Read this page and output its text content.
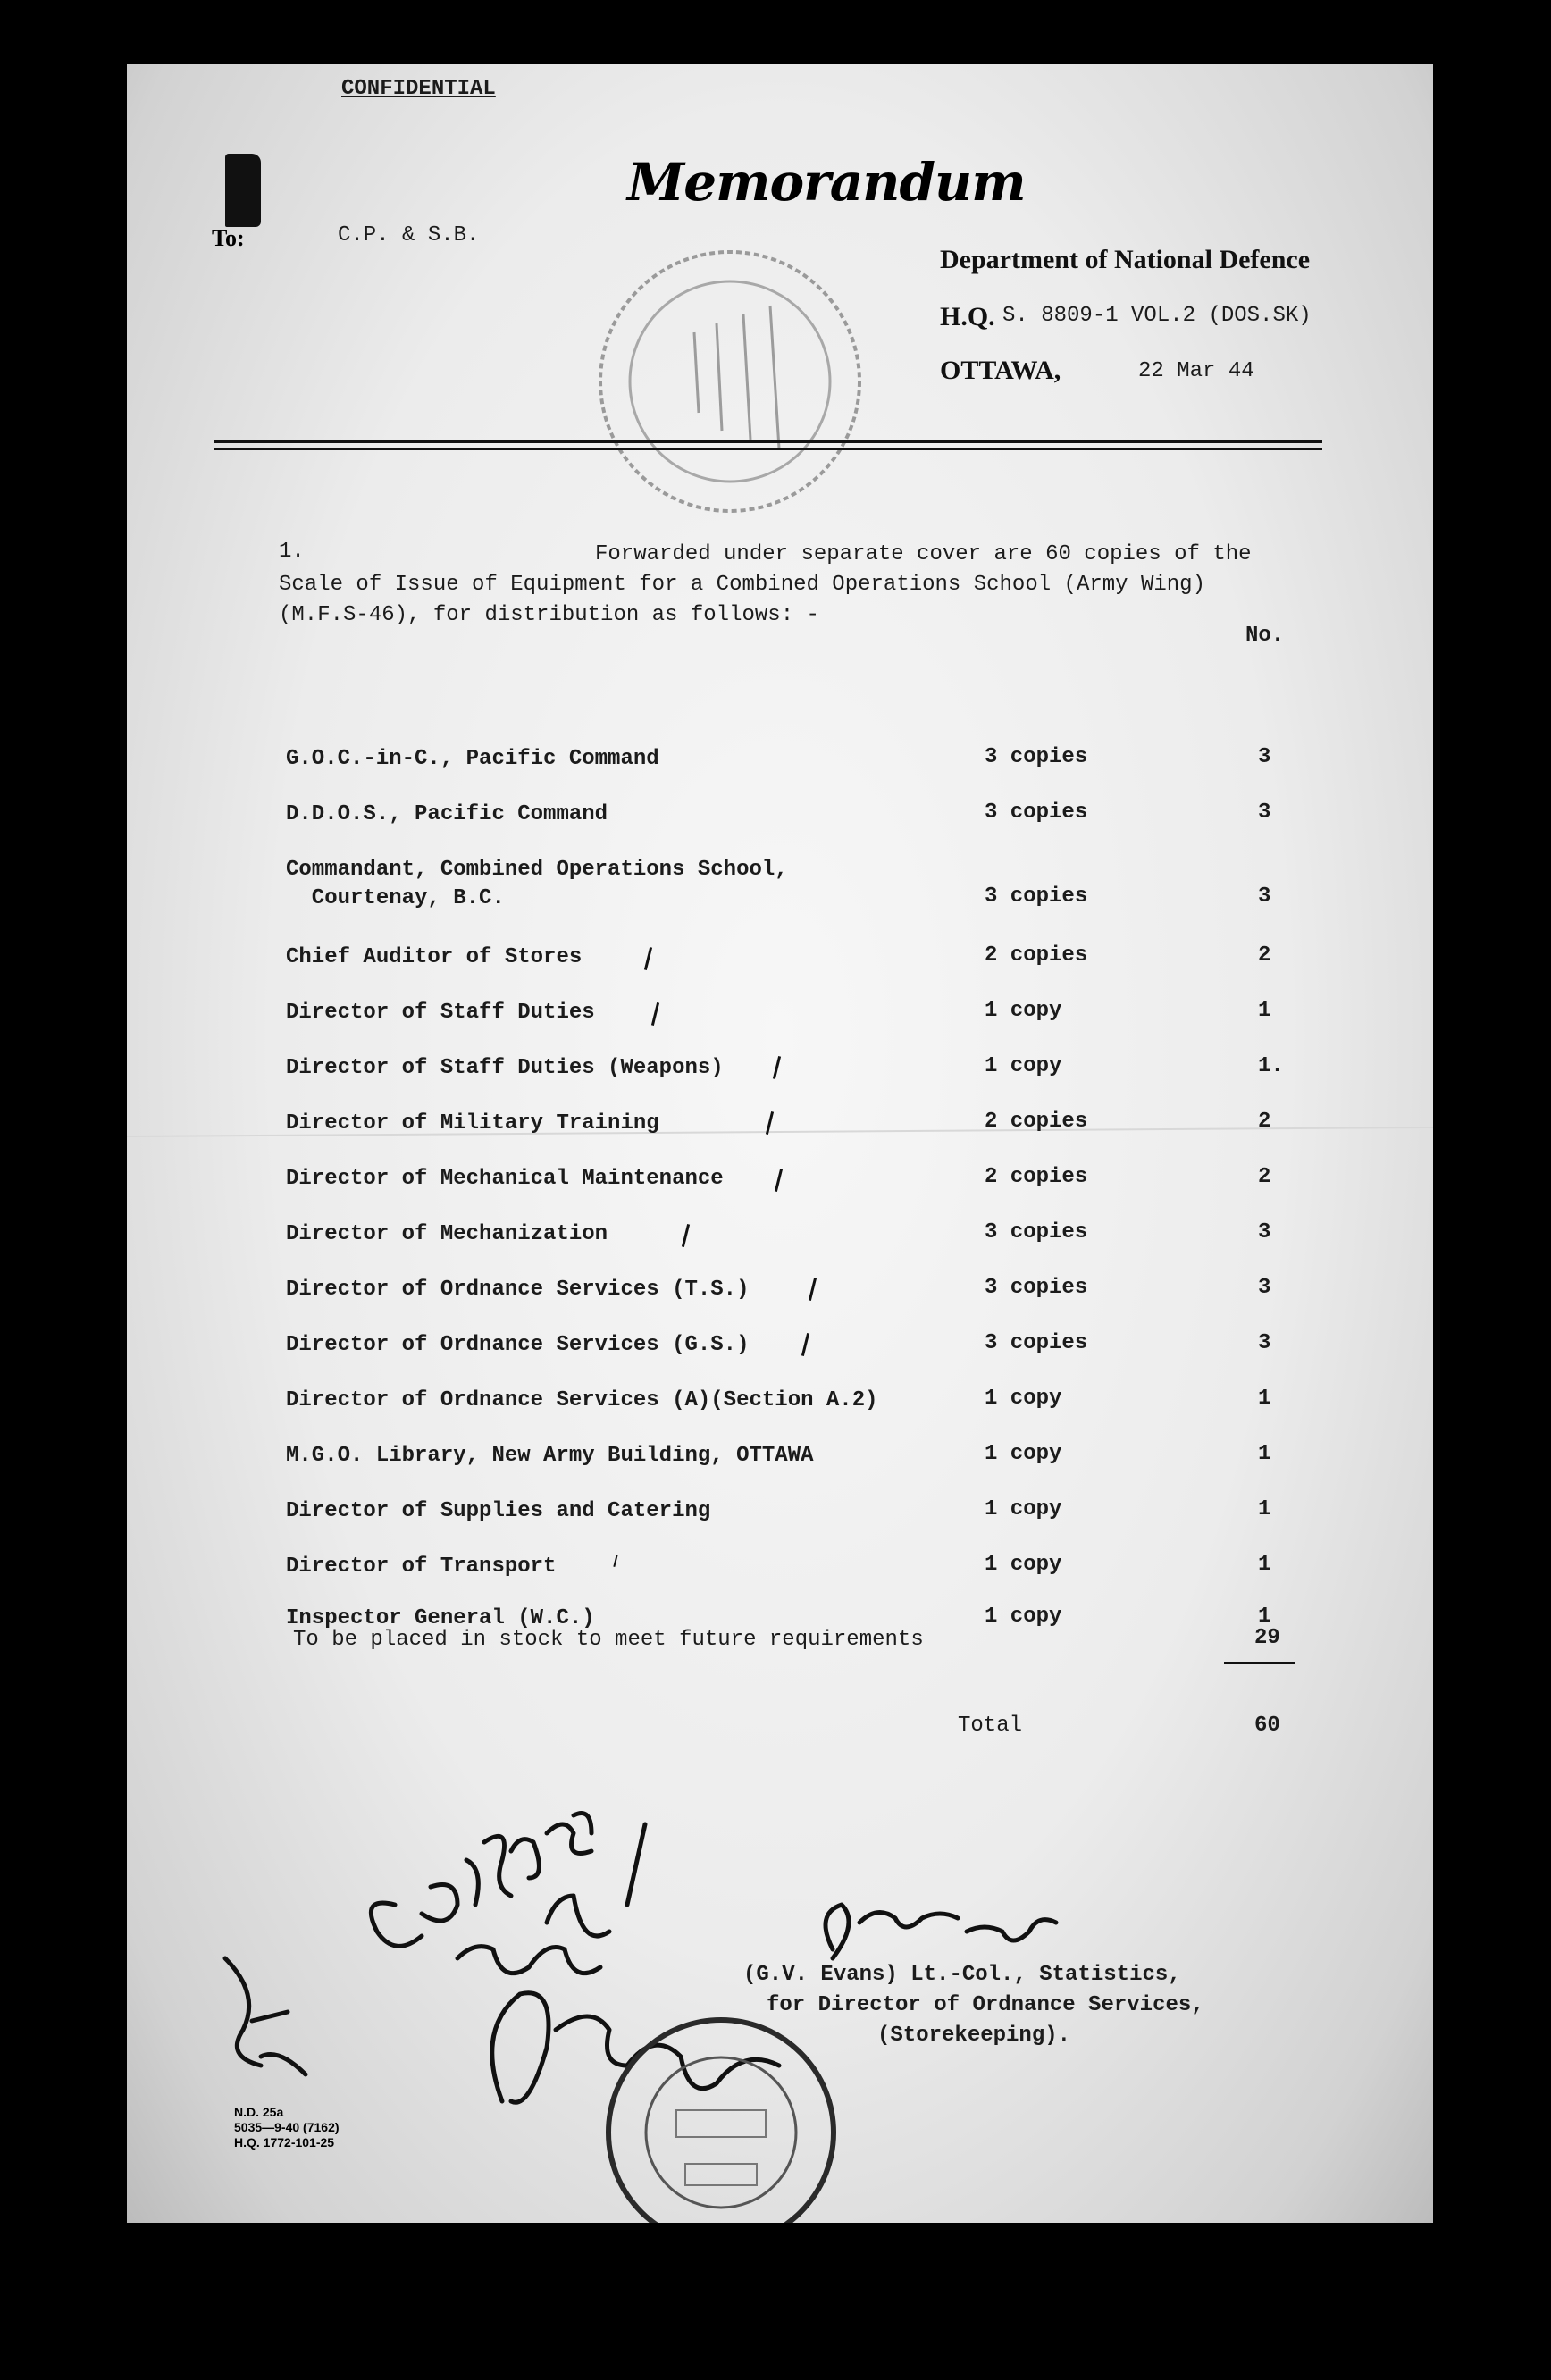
CONFIDENTIAL
Memorandum
To:	C.P. & S.B.
Department of National Defence
H.Q. S. 8809-1 VOL.2 (DOS.SK)
OTTAWA,	22 Mar 44
1.	Forwarded under separate cover are 60 copies of the Scale of Issue of Equipment for a Combined Operations School (Army Wing) (M.F.S-46), for distribution as follows: -

No.
G.O.C.-in-C., Pacific Command	3 copies	3
D.D.O.S., Pacific Command	3 copies	3
Commandant, Combined Operations School,
Courtenay, B.C.	3 copies	3
Chief Auditor of Stores	2 copies	2
Director of Staff Duties	1 copy	1
Director of Staff Duties (Weapons)	1 copy	1.
Director of Military Training	2 copies	2
Director of Mechanical Maintenance	2 copies	2
Director of Mechanization	3 copies	3
Director of Ordnance Services (T.S.)	3 copies	3
Director of Ordnance Services (G.S.)	3 copies	3
Director of Ordnance Services (A)(Section A.2)	1 copy	1
M.G.O. Library, New Army Building, OTTAWA	1 copy	1
Director of Supplies and Catering	1 copy	1
Director of Transport	1 copy	1
Inspector General (W.C.)	1 copy	1
To be placed in stock to meet future requirements	29
Total	60
(G.V. Evans) Lt.-Col., Statistics,
for Director of Ordnance Services,
(Storekeeping).
N.D. 25a
5035—9-40 (7162)
H.Q. 1772-101-25
